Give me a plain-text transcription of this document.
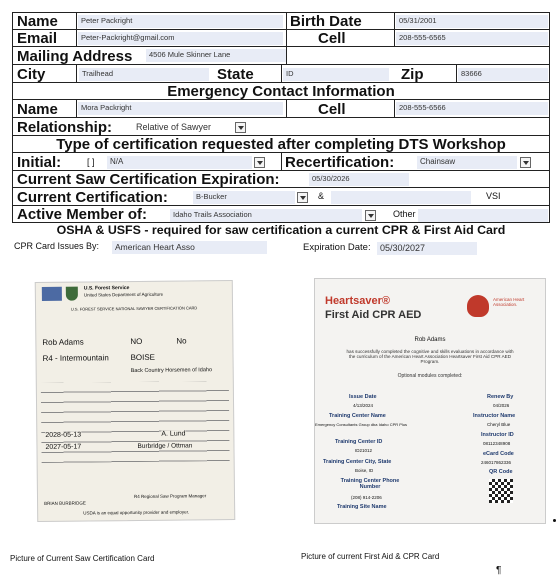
Name	Peter Packright	Birth Date	05/31/2001
Email	Peter-Packright@gmail.com	Cell	208-555-6565
Mailing Address	4506 Mule Skinner Lane
City	Trailhead	State	ID	Zip	83666
Emergency Contact Information
Name	Mora Packright	Cell	208-555-6566
Relationship:	Relative of Sawyer
Type of certification requested after completing DTS Workshop
Initial:	[ ]	N/A	Recertification:	Chainsaw
Current Saw Certification Expiration:	05/30/2026
Current Certification:	B-Bucker	&	VSI
Active Member of:	Idaho Trails Association	Other
OSHA & USFS - required for saw certification a current CPR & First Aid Card
CPR Card Issues By:	American Heart Asso	Expiration Date:	05/30/2027
U.S. Forest Service
United States Department of Agriculture
U.S. FOREST SERVICE NATIONAL SAWYER CERTIFICATION CARD
Rob Adams	NO	No
R4 - Intermountain	BOISE
Back Country Horsemen of Idaho
2028-05-13	A. Lund
2027-05-17	Burbridge / Ottman
BRIAN BURBRIDGE
R4 Regional Saw Program Manager
USDA is an equal opportunity provider and employer.
Heartsaver®
First Aid CPR AED
American Heart Association.
Rob Adams
has successfully completed the cognitive and skills evaluations in accordance with the curriculum of the American Heart Association Heartsaver First Aid CPR AED Program.
Optional modules completed:
Issue Date
4/13/2024
Renew By
04/2026
Training Center Name
Emergency Consultants Group dba Idaho CPR Plus
Instructor Name
Cheryl Blue
Training Center ID
ID21012
Instructor ID
08112348908
Training Center City, State
Boise, ID
eCard Code
246017862336
Training Center Phone Number
(208) 914-2206
QR Code
Training Site Name
Picture of Current Saw Certification Card	Picture of current First Aid & CPR Card
¶
